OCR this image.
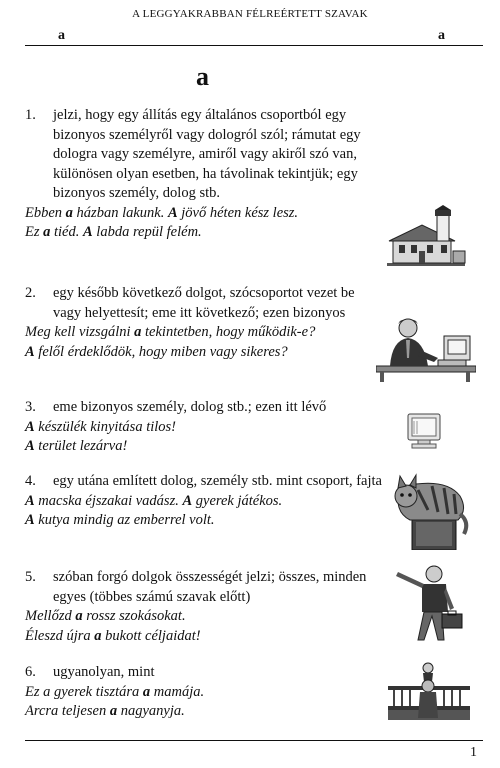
A LEGGYAKRABBAN FÉLREÉRTETT SZAVAK
a	a
a
1.	jelzi, hogy egy állítás egy általános csoportból egy bizonyos személyről vagy dologról szól; rámutat egy dologra vagy személyre, amiről vagy akiről szó van, különösen olyan esetben, ha távolinak tekintjük; egy bizonyos személy, dolog stb.
Ebben a házban lakunk. A jövő héten kész lesz.
Ez a tiéd. A labda repül felém.
2.	egy később következő dolgot, szócsoportot vezet be vagy helyettesít; eme itt következő; ezen bizonyos
Meg kell vizsgálni a tekintetben, hogy működik-e?
A felől érdeklődök, hogy miben vagy sikeres?
3.	eme bizonyos személy, dolog stb.; ezen itt lévő
A készülék kinyitása tilos!
A terület lezárva!
4.	egy utána említett dolog, személy stb. mint csoport, fajta
A macska éjszakai vadász. A gyerek játékos.
A kutya mindig az emberrel volt.
5.	szóban forgó dolgok összességét jelzi; összes, minden egyes (többes számú szavak előtt)
Mellőzd a rossz szokásokat.
Éleszd újra a bukott céljaidat!
6.	ugyanolyan, mint
Ez a gyerek tisztára a mamája.
Arcra teljesen a nagyanyja.
1
